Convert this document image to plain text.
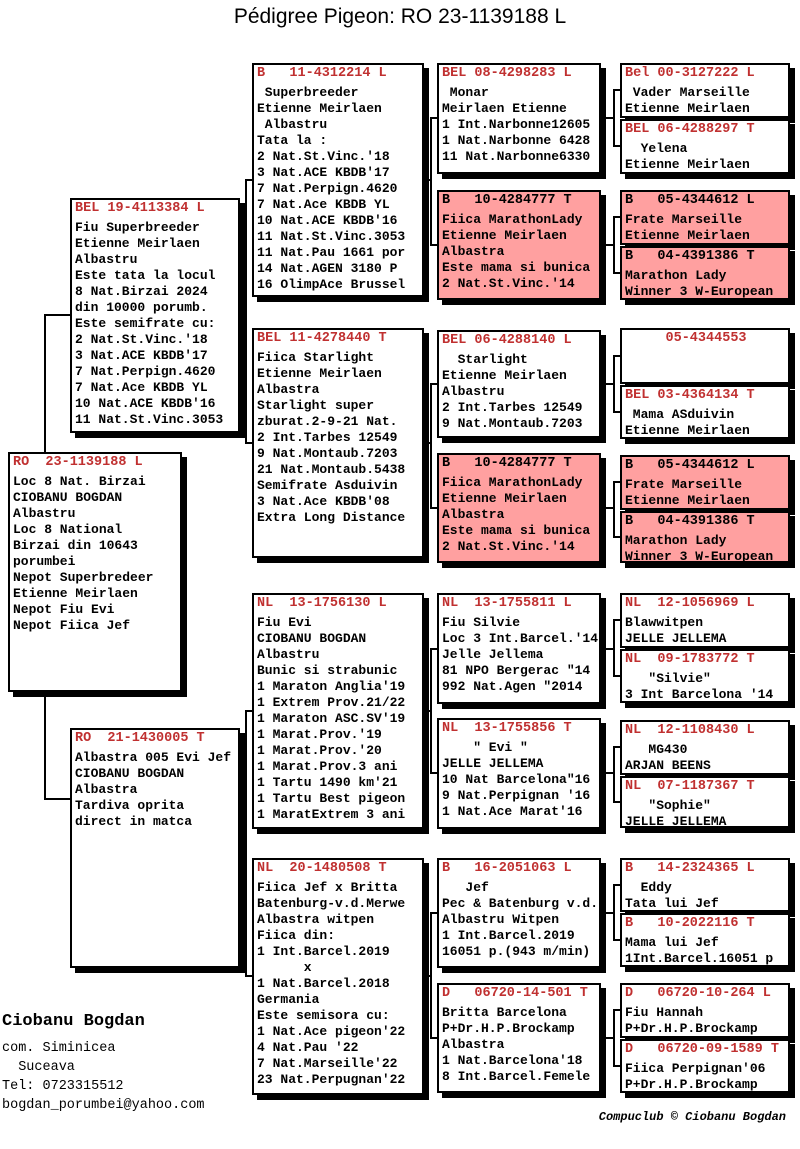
Pédigree Pigeon: RO 23-1139188 L
BEL 19-4113384 L
Fiu Superbreeder
Etienne Meirlaen
Albastru
Este tata la locul
8 Nat.Birzai 2024
din 10000 porumb.
Este semifrate cu:
2 Nat.St.Vinc.'18
3 Nat.ACE KBDB'17
7 Nat.Perpign.4620
7 Nat.Ace KBDB YL
10 Nat.ACE KBDB'16
11 Nat.St.Vinc.3053
RO  23-1139188 L
Loc 8 Nat. Birzai
CIOBANU BOGDAN
Albastru
Loc 8 National
Birzai din 10643
porumbei
Nepot Superbredeer
Etienne Meirlaen
Nepot Fiu Evi
Nepot Fiica Jef
RO  21-1430005 T
Albastra 005 Evi Jef
CIOBANU BOGDAN
Albastra
Tardiva oprita
direct in matca
B   11-4312214 L
Superbreeder
Etienne Meirlaen
Albastru
Tata la :
2 Nat.St.Vinc.'18
3 Nat.ACE KBDB'17
7 Nat.Perpign.4620
7 Nat.Ace KBDB YL
10 Nat.ACE KBDB'16
11 Nat.St.Vinc.3053
11 Nat.Pau 1661 por
14 Nat.AGEN 3180 P
16 OlimpAce Brussel
BEL 11-4278440 T
Fiica Starlight
Etienne Meirlaen
Albastra
Starlight super
zburat.2-9-21 Nat.
2 Int.Tarbes 12549
9 Nat.Montaub.7203
21 Nat.Montaub.5438
Semifrate Asduivin
3 Nat.Ace KBDB'08
Extra Long Distance
NL  13-1756130 L
Fiu Evi
CIOBANU BOGDAN
Albastru
Bunic si strabunic
1 Maraton Anglia'19
1 Extrem Prov.21/22
1 Maraton ASC.SV'19
1 Marat.Prov.'19
1 Marat.Prov.'20
1 Marat.Prov.3 ani
1 Tartu 1490 km'21
1 Tartu Best pigeon
1 MaratExtrem 3 ani
NL  20-1480508 T
Fiica Jef x Britta
Batenburg-v.d.Merwe
Albastra witpen
Fiica din:
1 Int.Barcel.2019
x
1 Nat.Barcel.2018
Germania
Este semisora cu:
1 Nat.Ace pigeon'22
4 Nat.Pau '22
7 Nat.Marseille'22
23 Nat.Perpugnan'22
BEL 08-4298283 L
Monar
Meirlaen Etienne
1 Int.Narbonne12605
1 Nat.Narbonne 6428
11 Nat.Narbonne6330
B   10-4284777 T
Fiica MarathonLady
Etienne Meirlaen
Albastra
Este mama si bunica
2 Nat.St.Vinc.'14
BEL 06-4288140 L
Starlight
Etienne Meirlaen
Albastru
2 Int.Tarbes 12549
9 Nat.Montaub.7203
B   10-4284777 T
Fiica MarathonLady
Etienne Meirlaen
Albastra
Este mama si bunica
2 Nat.St.Vinc.'14
NL  13-1755811 L
Fiu Silvie
Loc 3 Int.Barcel.'14
Jelle Jellema
81 NPO Bergerac "14
992 Nat.Agen "2014
NL  13-1755856 T
" Evi "
JELLE JELLEMA
10 Nat Barcelona"16
9 Nat.Perpignan '16
1 Nat.Ace Marat'16
B   16-2051063 L
Jef
Pec & Batenburg v.d.
Albastru Witpen
1 Int.Barcel.2019
16051 p.(943 m/min)
D   06720-14-501 T
Britta Barcelona
P+Dr.H.P.Brockamp
Albastra
1 Nat.Barcelona'18
8 Int.Barcel.Femele
Bel 00-3127222 L
Vader Marseille
Etienne Meirlaen
BEL 06-4288297 T
Yelena
Etienne Meirlaen
B   05-4344612 L
Frate Marseille
Etienne Meirlaen
B   04-4391386 T
Marathon Lady
Winner 3 W-European
05-4344553
BEL 03-4364134 T
Mama ASduivin
Etienne Meirlaen
B   05-4344612 L
Frate Marseille
Etienne Meirlaen
B   04-4391386 T
Marathon Lady
Winner 3 W-European
NL  12-1056969 L
Blawwitpen
JELLE JELLEMA
NL  09-1783772 T
"Silvie"
3 Int Barcelona '14
NL  12-1108430 L
MG430
ARJAN BEENS
NL  07-1187367 T
"Sophie"
JELLE JELLEMA
B   14-2324365 L
Eddy
Tata lui Jef
B   10-2022116 T
Mama lui Jef
1Int.Barcel.16051 p
D   06720-10-264 L
Fiu Hannah
P+Dr.H.P.Brockamp
D   06720-09-1589 T
Fiica Perpignan'06
P+Dr.H.P.Brockamp
Ciobanu Bogdan
com. Siminicea
Suceava
Tel: 0723315512
bogdan_porumbei@yahoo.com
Compuclub © Ciobanu Bogdan
